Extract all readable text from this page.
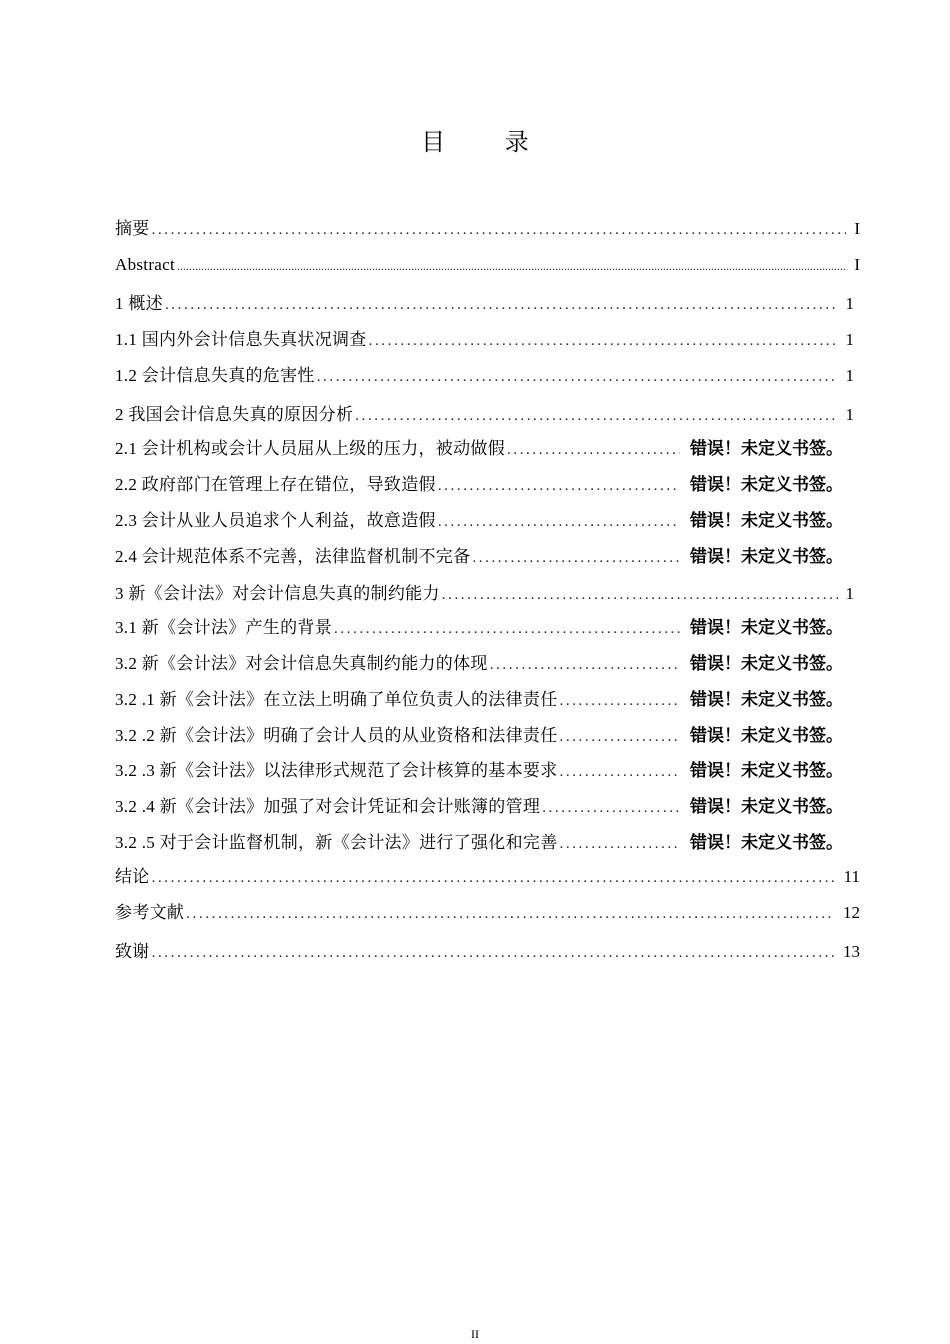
目 录
摘要 .....	I
Abstract .....	I
1 概述 .....	1
1.1 国内外会计信息失真状况调查 .....	1
1.2 会计信息失真的危害性 .....	1
2 我国会计信息失真的原因分析 .....	1
2.1 会计机构或会计人员屈从上级的压力，被动做假 .....	错误！未定义书签。
2.2 政府部门在管理上存在错位，导致造假 .....	错误！未定义书签。
2.3 会计从业人员追求个人利益，故意造假 .....	错误！未定义书签。
2.4 会计规范体系不完善，法律监督机制不完备 .....	错误！未定义书签。
3 新《会计法》对会计信息失真的制约能力 .....	1
3.1 新《会计法》产生的背景 .....	错误！未定义书签。
3.2 新《会计法》对会计信息失真制约能力的体现 .....	错误！未定义书签。
3.2 .1 新《会计法》在立法上明确了单位负责人的法律责任 .....	错误！未定义书签。
3.2 .2 新《会计法》明确了会计人员的从业资格和法律责任 .....	错误！未定义书签。
3.2 .3 新《会计法》以法律形式规范了会计核算的基本要求 .....	错误！未定义书签。
3.2 .4 新《会计法》加强了对会计凭证和会计账簿的管理 .....	错误！未定义书签。
3.2 .5 对于会计监督机制，新《会计法》进行了强化和完善 .....	错误！未定义书签。
结论 .....	11
参考文献 .....	12
致谢 .....	13
II
